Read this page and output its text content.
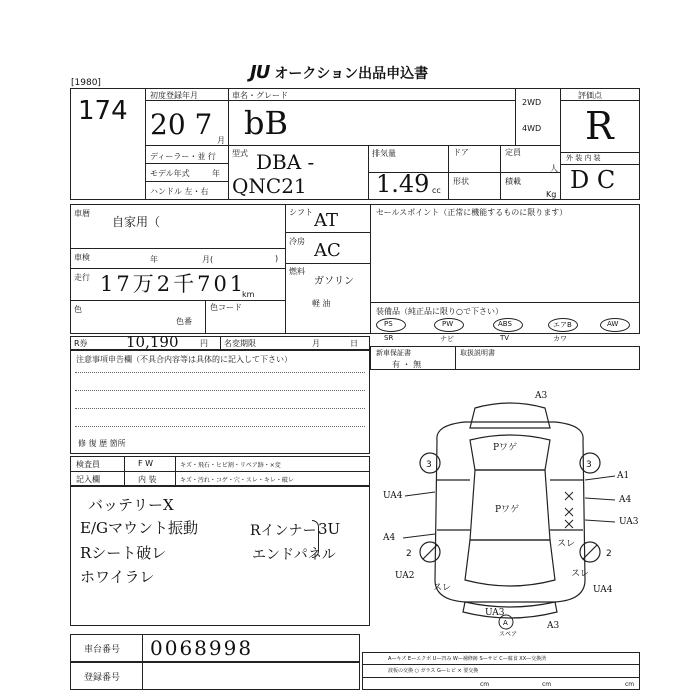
JU オークション出品申込書
[1980]
174
初度登録年月
20 7 月
車名・グレード
bB
2WD
4WD
評価点
R
外 装 内 装
D C
ディーラー・並 行
モデル年式	年
ハンドル 左・右
型式 DBA -QNC21
排気量
1.49 cc
ドア	定員
人
形状	積載
Kg
車暦
自家用（
車検	年	月(	)
走行 17万2千701
km
色
色番
色コード
シフト AT
冷房 AC
燃料
ガソリン
軽 油
セールスポイント（正常に機能するものに限ります）
装備品（純正品に限り○で下さい）
PS	PW	ABS	エアB	AW
SR	ナビ	TV	カワ
新車保証書
有 ・ 無
取扱説明書
R券	10,190	円 名変期限	月	日
注意事項申告欄（不具合内容等は具体的に記入して下さい）
修 復 歴 箇所
検査員	F W	キズ・飛石・ヒビ割・リペア跡・×変
記入欄	内 装	キズ・汚れ・コゲ・穴・スレ・キレ・破レ
バッテリーX
E/Gマウント振動
Rシート破レ
ホワイラレ
Rインナー
エンドパネル
3U
A3
Pワゲ
Pワゲ
A1
A4
UA3
UA4
A4
UA2
UA4
UA3
スレ
スレ
スレ
A3
3	3
2	2
A
スペア
車台番号 0068998
登録番号
A—キズ E—エクボ U—凹み W—補修跡 S—サビ C—腐食 XX—交換済
波板の交換 ○ ガラス G—ヒビ × 要交換
cm	cm	cm
